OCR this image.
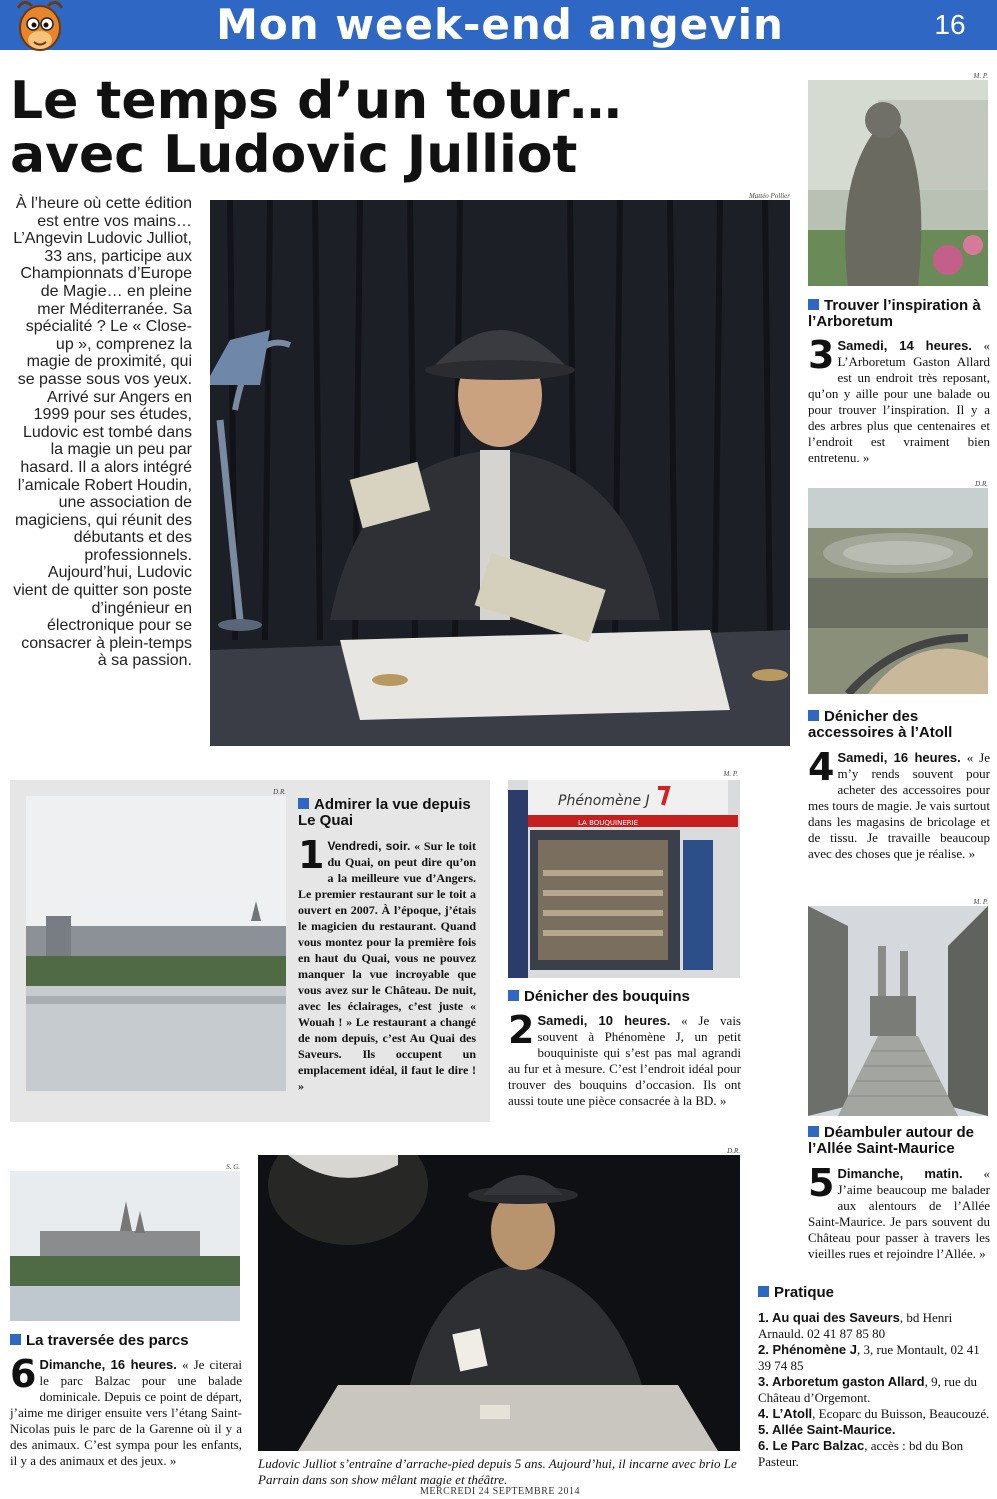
Mon week-end angevin	16
Le temps d’un tour…
avec Ludovic Julliot

À l’heure où cette édition est entre vos mains… L’Angevin Ludovic Julliot, 33 ans, participe aux Championnats d’Europe de Magie… en pleine mer Méditerranée. Sa spécialité ? Le « Close-up », comprenez la magie de proximité, qui se passe sous vos yeux.

Arrivé sur Angers en 1999 pour ses études, Ludovic est tombé dans la magie un peu par hasard. Il a alors intégré l’amicale Robert Houdin, une association de magiciens, qui réunit des débutants et des professionnels. Aujourd’hui, Ludovic vient de quitter son poste d’ingénieur en électronique pour se consacrer à plein-temps à sa passion.

Mattéo Pollier
M. P.
Trouver l’inspiration à l’Arboretum
3 Samedi, 14 heures. « L’Arboretum Gaston Allard est un endroit très reposant, qu’on y aille pour une balade ou pour trouver l’inspiration. Il y a des arbres plus que centenaires et l’endroit est vraiment bien entretenu. »
D.R.
Dénicher des accessoires à l’Atoll
4 Samedi, 16 heures. « Je m’y rends souvent pour acheter des accessoires pour mes tours de magie. Je vais surtout dans les magasins de bricolage et de tissu. Je travaille beaucoup avec des choses que je réalise. »
M. P.
Déambuler autour de l’Allée Saint-Maurice
5 Dimanche, matin. « J’aime beaucoup me balader aux alentours de l’Allée Saint-Maurice. Je pars souvent du Château pour passer à travers les vieilles rues et rejoindre l’Allée. »
D.R.
Admirer la vue depuis Le Quai
1 Vendredi, soir. « Sur le toit du Quai, on peut dire qu’on a la meilleure vue d’Angers. Le premier restaurant sur le toit a ouvert en 2007. À l’époque, j’étais le magicien du restaurant. Quand vous montez pour la première fois en haut du Quai, vous ne pouvez manquer la vue incroyable que vous avez sur le Château. De nuit, avec les éclairages, c’est juste « Wouah ! » Le restaurant a changé de nom depuis, c’est Au Quai des Saveurs. Ils occupent un emplacement idéal, il faut le dire ! »
M. P.
Phénomène J
LA BOUQUINERIE
Dénicher des bouquins
2 Samedi, 10 heures. « Je vais souvent à Phénomène J, un petit bouquiniste qui s’est pas mal agrandi au fur et à mesure. C’est l’endroit idéal pour trouver des bouquins d’occasion. Ils ont aussi toute une pièce consacrée à la BD. »
S. G.
La traversée des parcs
6 Dimanche, 16 heures. « Je citerai le parc Balzac pour une balade dominicale. Depuis ce point de départ, j’aime me diriger ensuite vers l’étang Saint-Nicolas puis le parc de la Garenne où il y a des animaux. C’est sympa pour les enfants, il y a des animaux et des jeux. »
D.R.
Ludovic Julliot s’entraîne d’arrache-pied depuis 5 ans. Aujourd’hui, il incarne avec brio Le Parrain dans son show mêlant magie et théâtre.
Pratique
1. Au quai des Saveurs, bd Henri Arnauld. 02 41 87 85 80
2. Phénomène J, 3, rue Montault, 02 41 39 74 85
3. Arboretum gaston Allard, 9, rue du Château d’Orgemont.
4. L’Atoll, Ecoparc du Buisson, Beaucouzé.
5. Allée Saint-Maurice.
6. Le Parc Balzac, accès : bd du Bon Pasteur.
MERCREDI 24 SEPTEMBRE 2014
